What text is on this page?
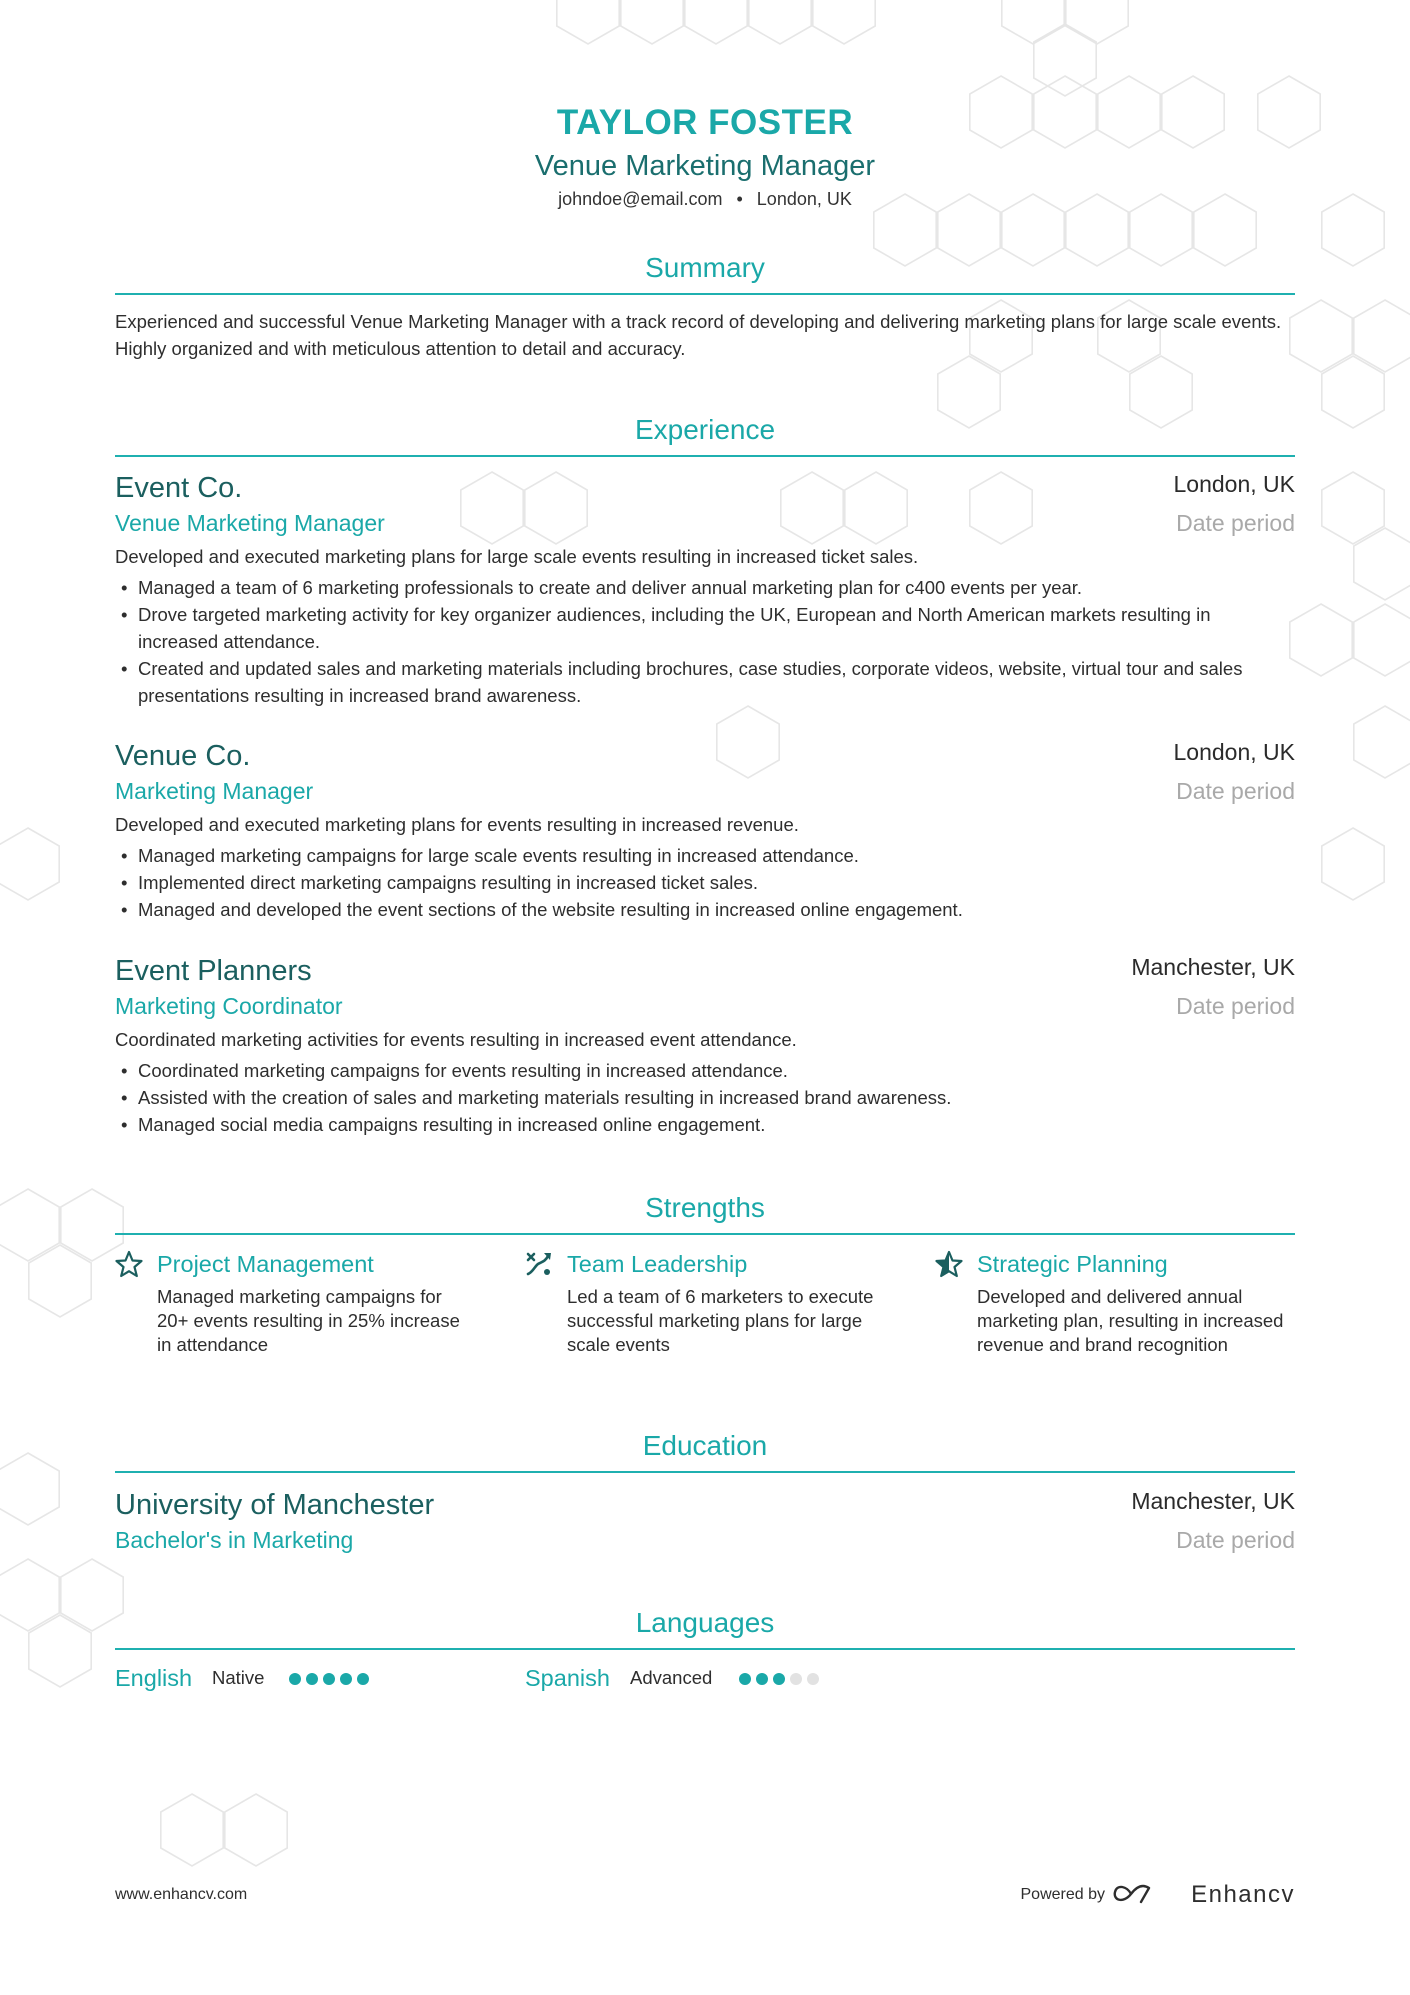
TAYLOR FOSTER
Venue Marketing Manager
johndoe@email.com • London, UK
Summary
Experienced and successful Venue Marketing Manager with a track record of developing and delivering marketing plans for large scale events. Highly organized and with meticulous attention to detail and accuracy.
Experience
Event Co.	London, UK
Venue Marketing Manager	Date period
Developed and executed marketing plans for large scale events resulting in increased ticket sales.
• Managed a team of 6 marketing professionals to create and deliver annual marketing plan for c400 events per year.
• Drove targeted marketing activity for key organizer audiences, including the UK, European and North American markets resulting in increased attendance.
• Created and updated sales and marketing materials including brochures, case studies, corporate videos, website, virtual tour and sales presentations resulting in increased brand awareness.
Venue Co.	London, UK
Marketing Manager	Date period
Developed and executed marketing plans for events resulting in increased revenue.
• Managed marketing campaigns for large scale events resulting in increased attendance.
• Implemented direct marketing campaigns resulting in increased ticket sales.
• Managed and developed the event sections of the website resulting in increased online engagement.
Event Planners	Manchester, UK
Marketing Coordinator	Date period
Coordinated marketing activities for events resulting in increased event attendance.
• Coordinated marketing campaigns for events resulting in increased attendance.
• Assisted with the creation of sales and marketing materials resulting in increased brand awareness.
• Managed social media campaigns resulting in increased online engagement.
Strengths
Project Management
Managed marketing campaigns for 20+ events resulting in 25% increase in attendance
Team Leadership
Led a team of 6 marketers to execute successful marketing plans for large scale events
Strategic Planning
Developed and delivered annual marketing plan, resulting in increased revenue and brand recognition
Education
University of Manchester	Manchester, UK
Bachelor's in Marketing	Date period
Languages
English Native	Spanish Advanced
www.enhancv.com	Powered by	Enhancv
